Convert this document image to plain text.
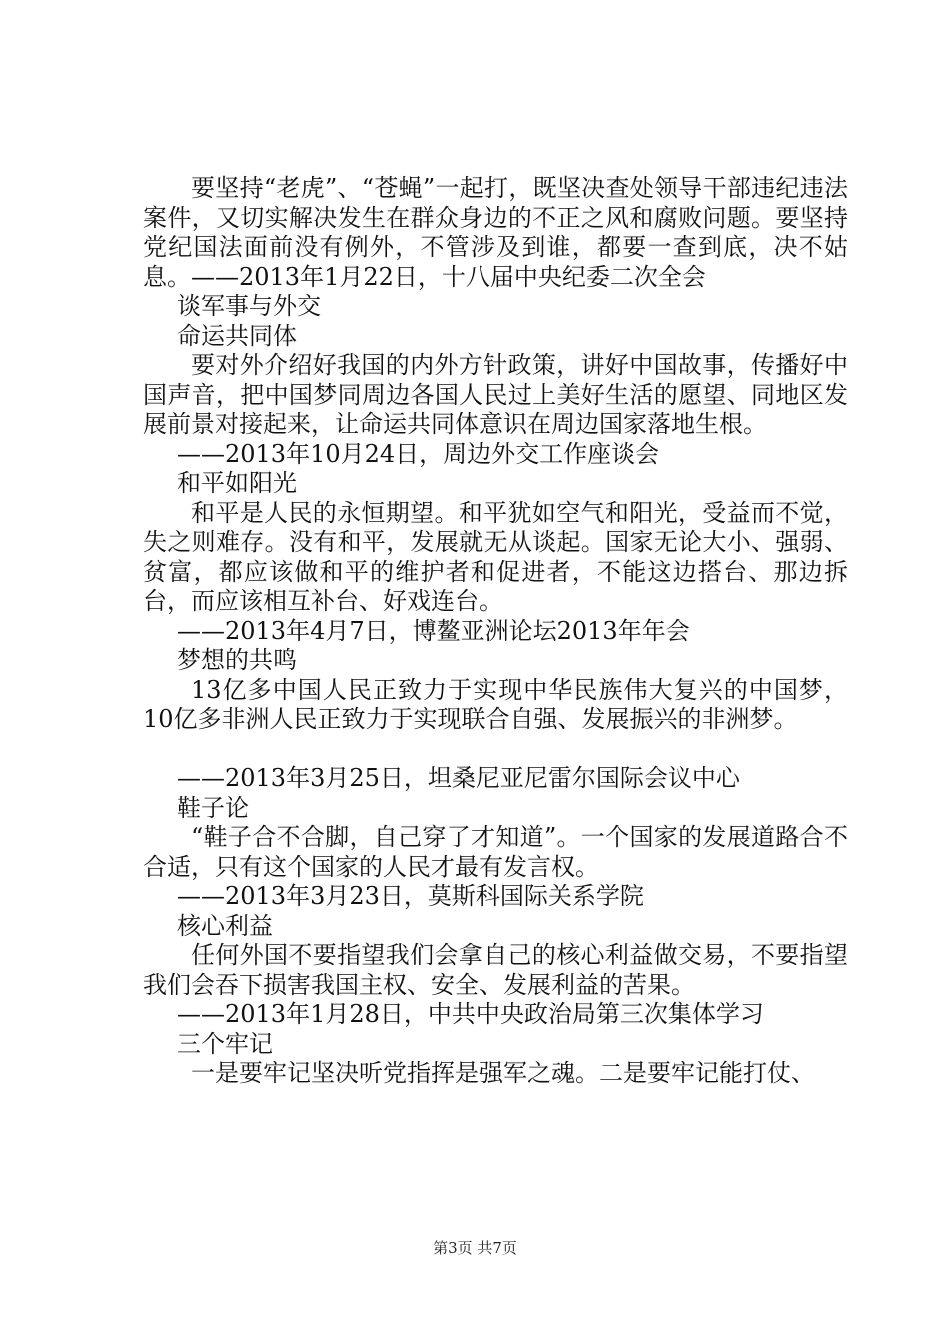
要坚持“老虎”、“苍蝇”一起打，既坚决查处领导干部违纪违法案件，又切实解决发生在群众身边的不正之风和腐败问题。要坚持党纪国法面前没有例外，不管涉及到谁，都要一查到底，决不姑息。——2013年1月22日，十八届中央纪委二次全会

谈军事与外交

命运共同体

要对外介绍好我国的内外方针政策，讲好中国故事，传播好中国声音，把中国梦同周边各国人民过上美好生活的愿望、同地区发展前景对接起来，让命运共同体意识在周边国家落地生根。

——2013年10月24日，周边外交工作座谈会

和平如阳光

和平是人民的永恒期望。和平犹如空气和阳光，受益而不觉，失之则难存。没有和平，发展就无从谈起。国家无论大小、强弱、贫富，都应该做和平的维护者和促进者，不能这边搭台、那边拆台，而应该相互补台、好戏连台。

——2013年4月7日，博鳌亚洲论坛2013年年会

梦想的共鸣

13亿多中国人民正致力于实现中华民族伟大复兴的中国梦，10亿多非洲人民正致力于实现联合自强、发展振兴的非洲梦。

——2013年3月25日，坦桑尼亚尼雷尔国际会议中心

鞋子论

“鞋子合不合脚，自己穿了才知道”。一个国家的发展道路合不合适，只有这个国家的人民才最有发言权。

——2013年3月23日，莫斯科国际关系学院

核心利益

任何外国不要指望我们会拿自己的核心利益做交易，不要指望我们会吞下损害我国主权、安全、发展利益的苦果。

——2013年1月28日，中共中央政治局第三次集体学习

三个牢记

一是要牢记坚决听党指挥是强军之魂。二是要牢记能打仗、

第3页 共7页
